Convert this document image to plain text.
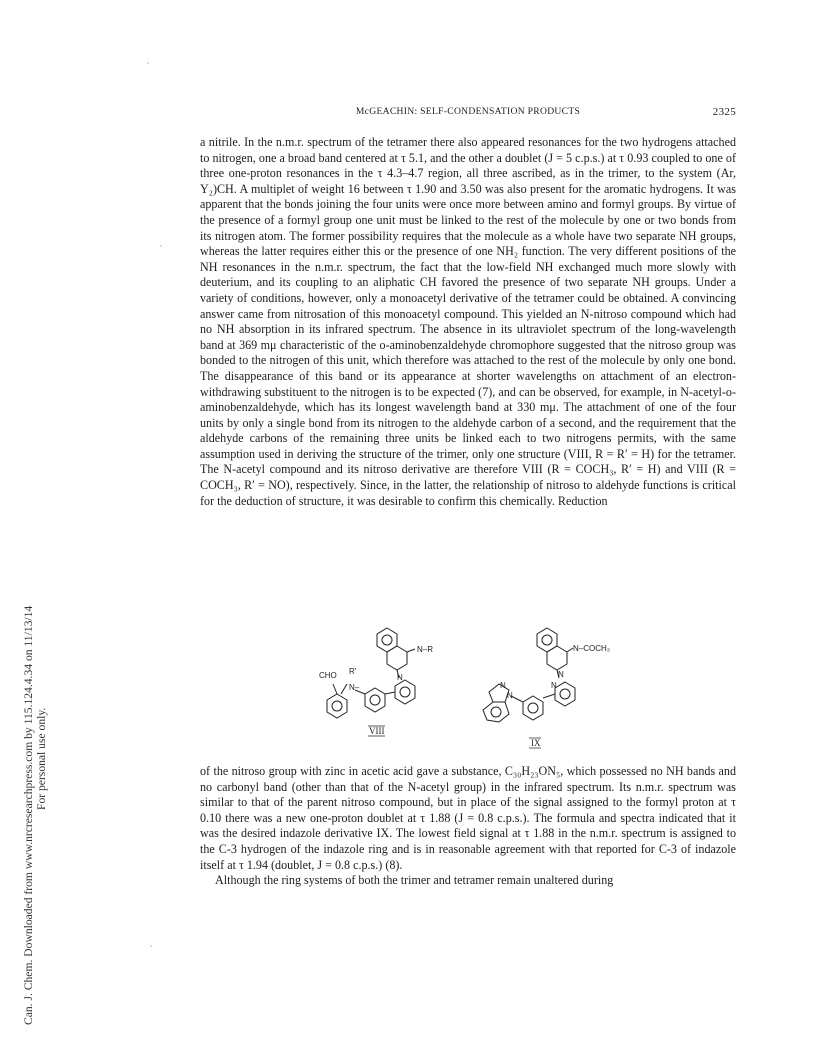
Can. J. Chem. Downloaded from www.nrcresearchpress.com by 115.124.4.34 on 11/13/14 For personal use only.
McGEACHIN: SELF-CONDENSATION PRODUCTS	2325

a nitrile. In the n.m.r. spectrum of the tetramer there also appeared resonances for the two hydrogens attached to nitrogen, one a broad band centered at τ 5.1, and the other a doublet (J = 5 c.p.s.) at τ 0.93 coupled to one of three one-proton resonances in the τ 4.3–4.7 region, all three ascribed, as in the trimer, to the system (Ar, Y₂)CH. A multiplet of weight 16 between τ 1.90 and 3.50 was also present for the aromatic hydrogens. It was apparent that the bonds joining the four units were once more between amino and formyl groups. By virtue of the presence of a formyl group one unit must be linked to the rest of the molecule by one or two bonds from its nitrogen atom. The former possibility requires that the molecule as a whole have two separate NH groups, whereas the latter requires either this or the presence of one NH₂ function. The very different positions of the NH resonances in the n.m.r. spectrum, the fact that the low-field NH exchanged much more slowly with deuterium, and its coupling to an aliphatic CH favored the presence of two separate NH groups. Under a variety of conditions, however, only a monoacetyl derivative of the tetramer could be obtained. A convincing answer came from nitrosation of this monoacetyl compound. This yielded an N-nitroso compound which had no NH absorption in its infrared spectrum. The absence in its ultraviolet spectrum of the long-wavelength band at 369 mμ characteristic of the o-aminobenzaldehyde chromophore suggested that the nitroso group was bonded to the nitrogen of this unit, which therefore was attached to the rest of the molecule by only one bond. The disappearance of this band or its appearance at shorter wavelengths on attachment of an electron-withdrawing substituent to the nitrogen is to be expected (7), and can be observed, for example, in N-acetyl-o-aminobenzaldehyde, which has its longest wavelength band at 330 mμ. The attachment of one of the four units by only a single bond from its nitrogen to the aldehyde carbon of a second, and the requirement that the aldehyde carbons of the remaining three units be linked each to two nitrogens permits, with the same assumption used in deriving the structure of the trimer, only one structure (VIII, R = R′ = H) for the tetramer. The N-acetyl compound and its nitroso derivative are therefore VIII (R = COCH₃, R′ = H) and VIII (R = COCH₃, R′ = NO), respectively. Since, in the latter, the relationship of nitroso to aldehyde functions is critical for the deduction of structure, it was desirable to confirm this chemically. Reduction

N–R
N
CHO R′
N–
VIII
N–COCH₃
N
N
N
N
IX

of the nitroso group with zinc in acetic acid gave a substance, C₃₀H₂₃ON₅, which possessed no NH bands and no carbonyl band (other than that of the N-acetyl group) in the infrared spectrum. Its n.m.r. spectrum was similar to that of the parent nitroso compound, but in place of the signal assigned to the formyl proton at τ 0.10 there was a new one-proton doublet at τ 1.88 (J = 0.8 c.p.s.). The formula and spectra indicated that it was the desired indazole derivative IX. The lowest field signal at τ 1.88 in the n.m.r. spectrum is assigned to the C-3 hydrogen of the indazole ring and is in reasonable agreement with that reported for C-3 of indazole itself at τ 1.94 (doublet, J = 0.8 c.p.s.) (8).

Although the ring systems of both the trimer and tetramer remain unaltered during
